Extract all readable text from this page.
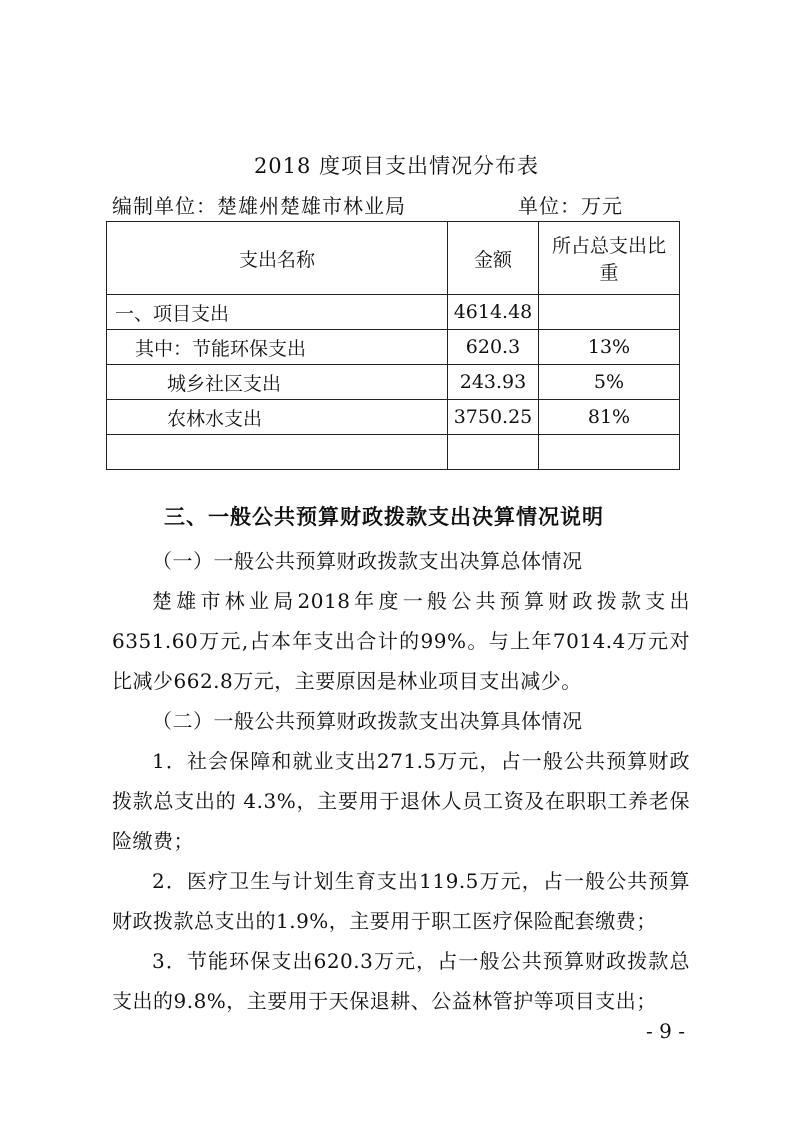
2018 度项目支出情况分布表
编制单位：楚雄州楚雄市林业局	单位：万元
支出名称	金额	所占总支出比重
一、项目支出	4614.48	
其中：节能环保支出	620.3	13%
城乡社区支出	243.93	5%
农林水支出	3750.25	81%

三、一般公共预算财政拨款支出决算情况说明

（一）一般公共预算财政拨款支出决算总体情况

楚雄市林业局2018年度一般公共预算财政拨款支出6351.60万元,占本年支出合计的99%。与上年7014.4万元对比减少662.8万元，主要原因是林业项目支出减少。

（二）一般公共预算财政拨款支出决算具体情况

1．社会保障和就业支出271.5万元，占一般公共预算财政拨款总支出的 4.3%，主要用于退休人员工资及在职职工养老保险缴费；

2．医疗卫生与计划生育支出119.5万元，占一般公共预算财政拨款总支出的1.9%，主要用于职工医疗保险配套缴费；

3．节能环保支出620.3万元，占一般公共预算财政拨款总支出的9.8%，主要用于天保退耕、公益林管护等项目支出；

- 9 -
